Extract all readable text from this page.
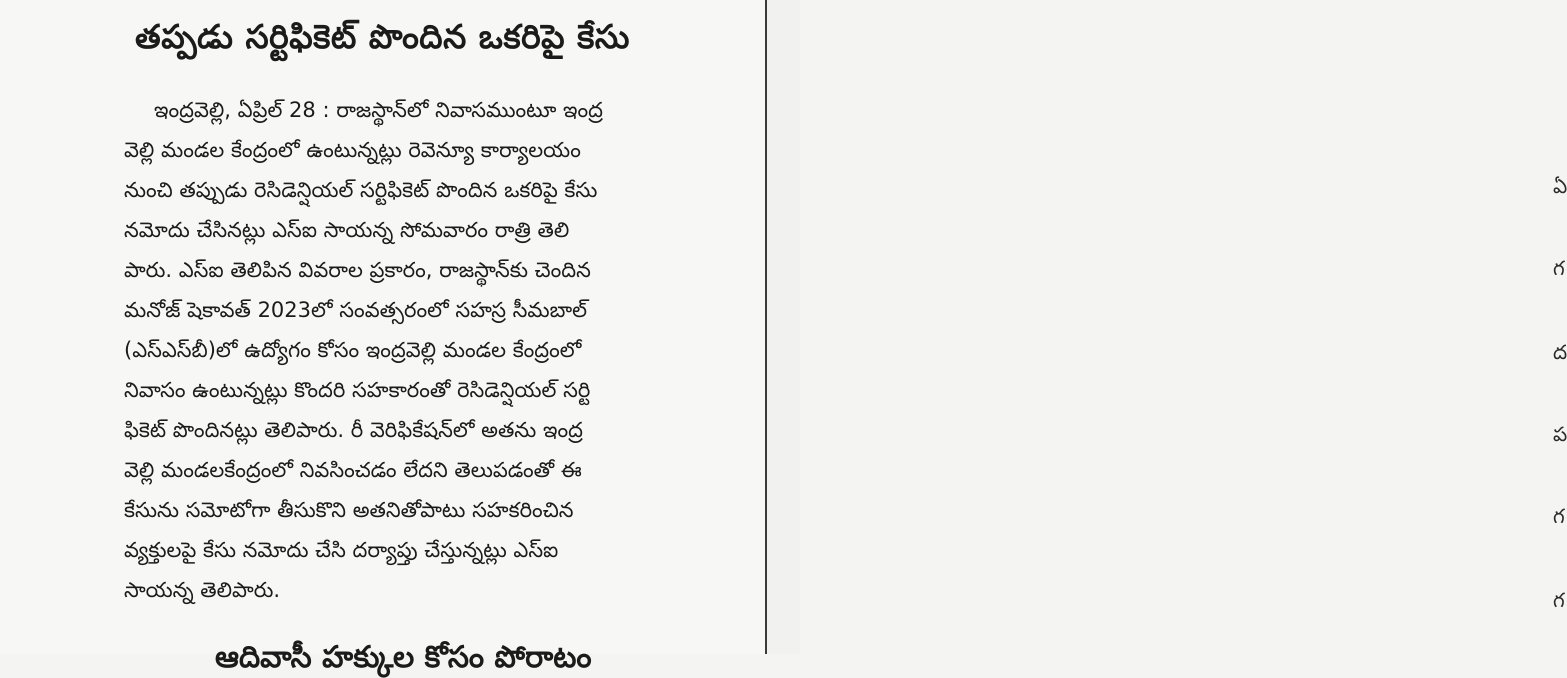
తప్పడు సర్టిఫికెట్ పొందిన ఒకరిపై కేసు
ఇంద్రవెల్లి, ఏప్రిల్ 28 : రాజస్థాన్‌లో నివాసముంటూ ఇంద్ర
వెల్లి మండల కేంద్రంలో ఉంటున్నట్లు రెవెన్యూ కార్యాలయం
నుంచి తప్పుడు రెసిడెన్షియల్ సర్టిఫికెట్ పొందిన ఒకరిపై కేసు
నమోదు చేసినట్లు ఎస్ఐ సాయన్న సోమవారం రాత్రి తెలి
పారు. ఎస్ఐ తెలిపిన వివరాల ప్రకారం, రాజస్థాన్‌కు చెందిన
మనోజ్ షెకావత్ 2023లో సంవత్సరంలో సహస్ర సీమబాల్
(ఎస్ఎస్‌బీ)లో ఉద్యోగం కోసం ఇంద్రవెల్లి మండల కేంద్రంలో
నివాసం ఉంటున్నట్లు కొందరి సహకారంతో రెసిడెన్షియల్ సర్టి
ఫికెట్ పొందినట్లు తెలిపారు. రీ వెరిఫికేషన్‌లో అతను ఇంద్ర
వెల్లి మండలకేంద్రంలో నివసించడం లేదని తెలుపడంతో ఈ
కేసును సమోటోగా తీసుకొని అతనితోపాటు సహకరించిన
వ్యక్తులపై కేసు నమోదు చేసి దర్యాప్తు చేస్తున్నట్లు ఎస్ఐ
సాయన్న తెలిపారు.
ఆదివాసీ హక్కుల కోసం పోరాటం
ఏ
గ
ద
ప
గ
గ
